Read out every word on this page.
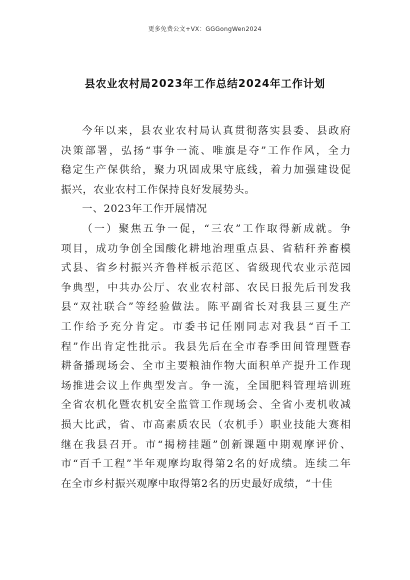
更多免费公文+VX：GGGongWen2024
县农业农村局2023年工作总结2024年工作计划
今年以来，县农业农村局认真贯彻落实县委、县政府
决策部署，弘扬“事争一流、唯旗是夺”工作作风，全力
稳定生产保供给，聚力巩固成果守底线，着力加强建设促
振兴，农业农村工作保持良好发展势头。
一、2023年工作开展情况
（一）聚焦五争一促，“三农”工作取得新成就。争
项目，成功争创全国酸化耕地治理重点县、省秸秆养畜模
式县、省乡村振兴齐鲁样板示范区、省级现代农业示范园
争典型，中共办公厅、农业农村部、农民日报先后刊发我
县“双社联合”等经验做法。陈平副省长对我县三夏生产
工作给予充分肯定。市委书记任刚同志对我县“百千工
程”作出肯定性批示。我县先后在全市春季田间管理暨春
耕备播现场会、全市主要粮油作物大面积单产提升工作现
场推进会议上作典型发言。争一流，全国肥料管理培训班
全省农机化暨农机安全监管工作现场会、全省小麦机收减
损大比武，省、市高素质农民（农机手）职业技能大赛相
继在我县召开。市“揭榜挂题”创新课题中期观摩评价、
市“百千工程”半年观摩均取得第2名的好成绩。连续二年
在全市乡村振兴观摩中取得第2名的历史最好成绩，“十佳
